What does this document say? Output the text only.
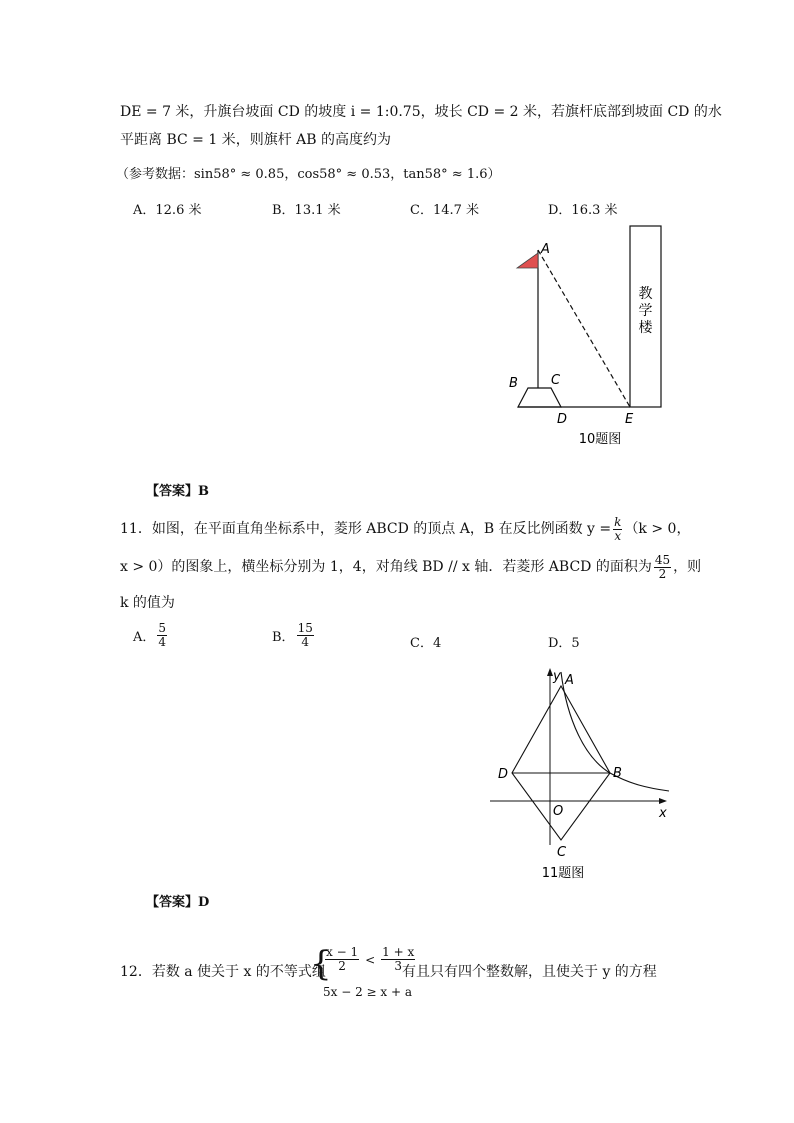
DE = 7 米，升旗台坡面 CD 的坡度 i = 1:0.75，坡长 CD = 2 米，若旗杆底部到坡面 CD 的水
平距离 BC = 1 米，则旗杆 AB 的高度约为
（参考数据：sin58° ≈ 0.85，cos58° ≈ 0.53，tan58° ≈ 1.6）
A．12.6 米	B．13.1 米	C．14.7 米	D．16.3 米
教
学
楼
A
B	C
D	E
10题图
【答案】B
11．如图，在平面直角坐标系中，菱形 ABCD 的顶点 A，B 在反比例函数 $y = \frac{k}{x} (k > 0$，
x > 0）的图象上，横坐标分别为 1，4，对角线 BD // x 轴．若菱形 ABCD 的面积为 $\frac{45}{2}$ ，则
k 的值为
A． $\frac{5}{4}$	B． $\frac{15}{4}$	C．4	D．5
A
B
C
D
O	x
y
11题图
【答案】D
12．若数 a 使关于 x 的不等式组
{
$\frac{x - 1}{2} < \frac{1 + x}{3}$
5x − 2 ≥ x + a
有且只有四个整数解，且使关于 y 的方程
